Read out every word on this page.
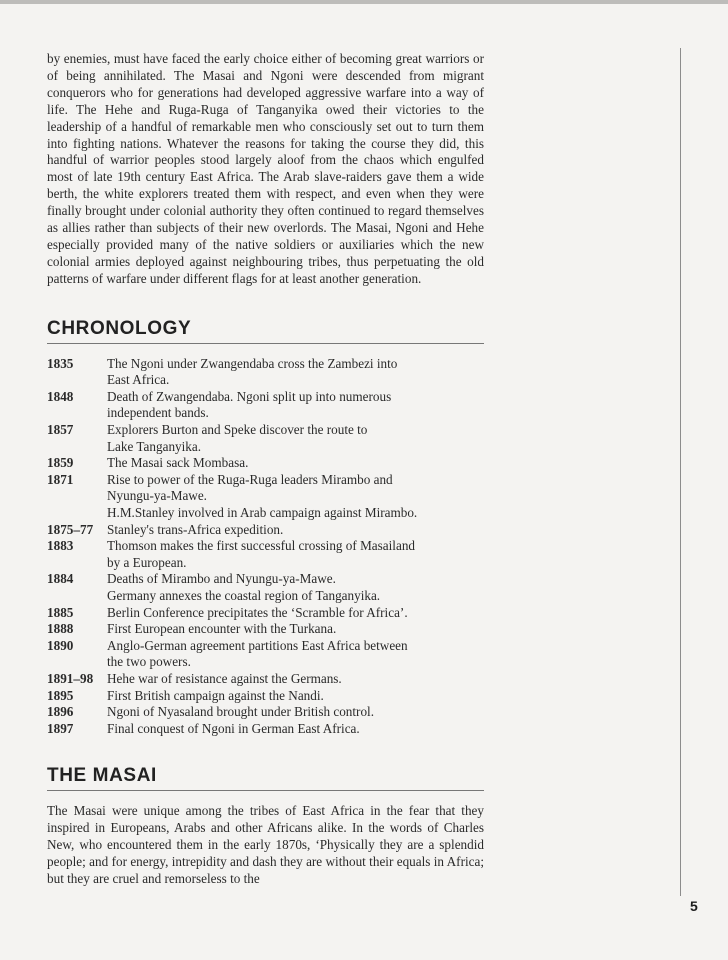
by enemies, must have faced the early choice either of becoming great warriors or of being annihilated. The Masai and Ngoni were descended from migrant conquerors who for generations had developed aggressive warfare into a way of life. The Hehe and Ruga-Ruga of Tanganyika owed their victories to the leadership of a handful of remarkable men who consciously set out to turn them into fighting nations. Whatever the reasons for taking the course they did, this handful of warrior peoples stood largely aloof from the chaos which engulfed most of late 19th century East Africa. The Arab slave-raiders gave them a wide berth, the white explorers treated them with respect, and even when they were finally brought under colonial authority they often continued to regard themselves as allies rather than subjects of their new overlords. The Masai, Ngoni and Hehe especially provided many of the native soldiers or auxiliaries which the new colonial armies deployed against neighbouring tribes, thus perpetuating the old patterns of warfare under different flags for at least another generation.

CHRONOLOGY
1835	The Ngoni under Zwangendaba cross the Zambezi into
East Africa.
1848	Death of Zwangendaba. Ngoni split up into numerous
independent bands.
1857	Explorers Burton and Speke discover the route to
Lake Tanganyika.
1859	The Masai sack Mombasa.
1871	Rise to power of the Ruga-Ruga leaders Mirambo and
Nyungu-ya-Mawe.
H.M.Stanley involved in Arab campaign against Mirambo.
1875–77	Stanley's trans-Africa expedition.
1883	Thomson makes the first successful crossing of Masailand
by a European.
1884	Deaths of Mirambo and Nyungu-ya-Mawe.
Germany annexes the coastal region of Tanganyika.
1885	Berlin Conference precipitates the ‘Scramble for Africa’.
1888	First European encounter with the Turkana.
1890	Anglo-German agreement partitions East Africa between
the two powers.
1891–98	Hehe war of resistance against the Germans.
1895	First British campaign against the Nandi.
1896	Ngoni of Nyasaland brought under British control.
1897	Final conquest of Ngoni in German East Africa.
THE MASAI

The Masai were unique among the tribes of East Africa in the fear that they inspired in Europeans, Arabs and other Africans alike. In the words of Charles New, who encountered them in the early 1870s, ‘Physically they are a splendid people; and for energy, intrepidity and dash they are without their equals in Africa; but they are cruel and remorseless to the

5
